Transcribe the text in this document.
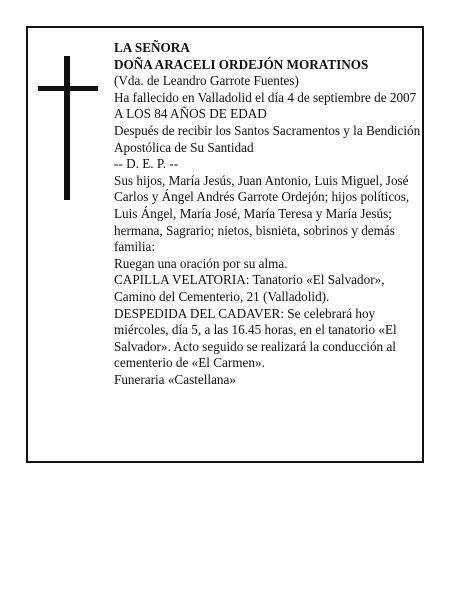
LA SEÑORA

DOÑA ARACELI ORDEJÓN MORATINOS

(Vda. de Leandro Garrote Fuentes)

Ha fallecido en Valladolid el día 4 de septiembre de 2007

A LOS 84 AÑOS DE EDAD

Después de recibir los Santos Sacramentos y la Bendición Apostólica de Su Santidad

-- D. E. P. --

Sus hijos, María Jesús, Juan Antonio, Luis Miguel, José Carlos y Ángel Andrés Garrote Ordejón; hijos políticos, Luis Ángel, María José, María Teresa y María Jesús; hermana, Sagrario; nietos, bisnieta, sobrinos y demás familia:

Ruegan una oración por su alma.

CAPILLA VELATORIA: Tanatorio «El Salvador», Camino del Cementerio, 21 (Valladolid).

DESPEDIDA DEL CADAVER: Se celebrará hoy miércoles, día 5, a las 16.45 horas, en el tanatorio «El Salvador». Acto seguido se realizará la conducción al cementerio de «El Carmen».

Funeraria «Castellana»
